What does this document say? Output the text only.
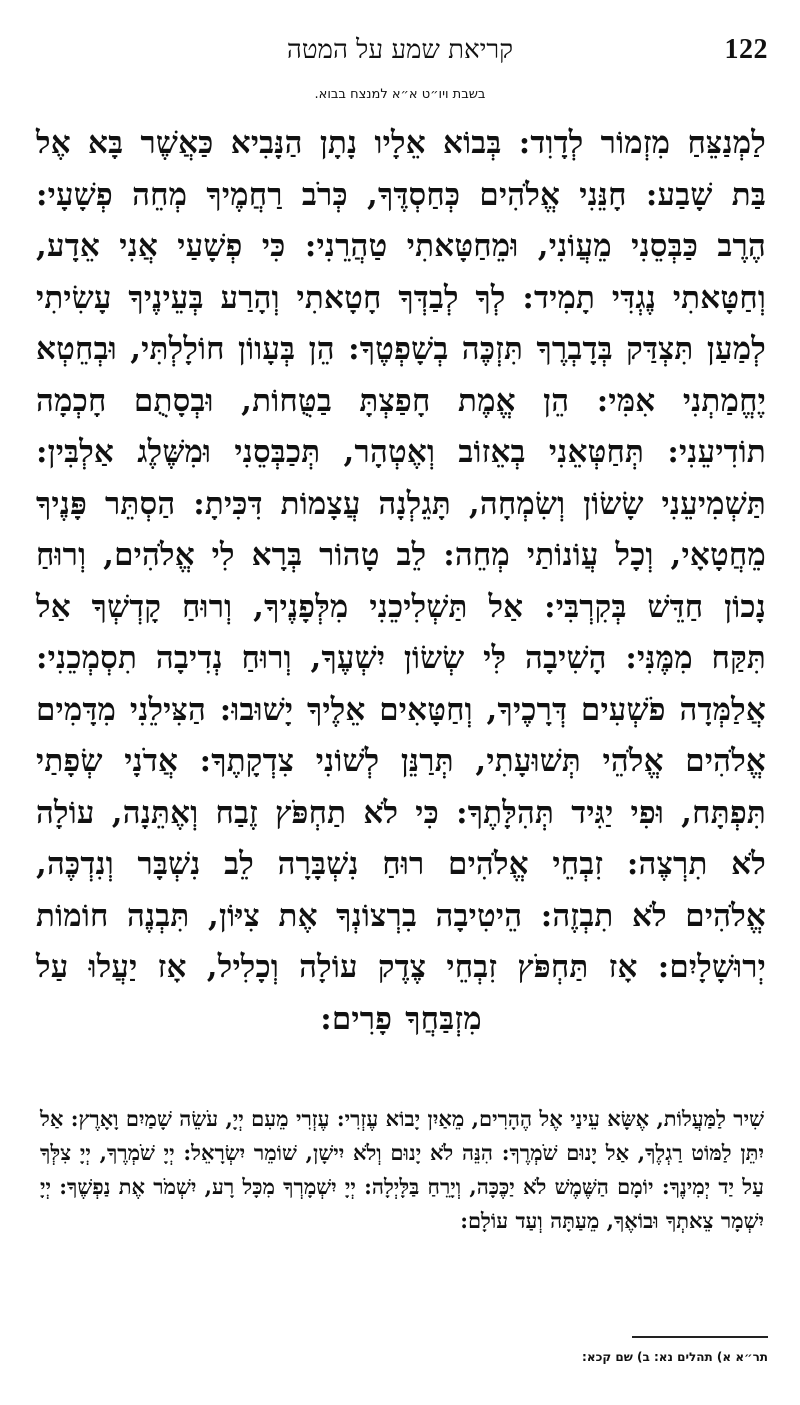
122
קריאת שמע על המטה
בשבת ויו״ט א״א למנצח בבוא.
לַמְנַצֵּחַ מִזְמוֹר לְדָוִד: בְּבוֹא אֵלָיו נָתָן הַנָּבִיא כַּאֲשֶׁר בָּא אֶל בַּת שָׁבַע: חָנֵּנִי אֱלֹהִים כְּחַסְדֶּךָ, כְּרֹב רַחֲמֶיךָ מְחֵה פְשָׁעָי: הֶרֶב כַּבְּסֵנִי מֵעֲוֹנִי, וּמֵחַטָּאתִי טַהֲרֵנִי: כִּי פְשָׁעַי אֲנִי אֵדָע, וְחַטָּאתִי נֶגְדִּי תָמִיד: לְךָ לְבַדְּךָ חָטָאתִי וְהָרַע בְּעֵינֶיךָ עָשִׂיתִי לְמַעַן תִּצְדַּק בְּדָבְרֶךָ תִּזְכֶּה בְשָׁפְטֶךָ: הֵן בְּעָווֹן חוֹלָלְתִּי, וּבְחֵטְא יֶחֱמַתְנִי אִמִּי: הֵן אֱמֶת חָפַצְתָּ בַטֻּחוֹת, וּבְסָתֻם חָכְמָה תוֹדִיעֵנִי: תְּחַטְּאֵנִי בְאֵזוֹב וְאֶטְהָר, תְּכַבְּסֵנִי וּמִשֶּׁלֶג אַלְבִּין: תַּשְׁמִיעֵנִי שָׂשׂוֹן וְשִׂמְחָה, תָּגֵלְנָה עֲצָמוֹת דִּכִּיתָ: הַסְתֵּר פָּנֶיךָ מֵחֲטָאָי, וְכָל עֲוֹנוֹתַי מְחֵה: לֵב טָהוֹר בְּרָא לִי אֱלֹהִים, וְרוּחַ נָכוֹן חַדֵּשׁ בְּקִרְבִּי: אַל תַּשְׁלִיכֵנִי מִלְּפָנֶיךָ, וְרוּחַ קָדְשְׁךָ אַל תִּקַּח מִמֶּנִּי: הָשִׁיבָה לִּי שְׂשׂוֹן יִשְׁעֶךָ, וְרוּחַ נְדִיבָה תִסְמְכֵנִי: אֲלַמְּדָה פֹשְׁעִים דְּרָכֶיךָ, וְחַטָּאִים אֵלֶיךָ יָשׁוּבוּ: הַצִּילֵנִי מִדָּמִים אֱלֹהִים אֱלֹהֵי תְּשׁוּעָתִי, תְּרַנֵּן לְשׁוֹנִי צִדְקָתֶךָ: אֲדֹנָי שְׂפָתַי תִּפְתָּח, וּפִי יַגִּיד תְּהִלָּתֶךָ: כִּי לֹא תַחְפֹּץ זֶבַח וְאֶתֵּנָה, עוֹלָה לֹא תִרְצֶה: זִבְחֵי אֱלֹהִים רוּחַ נִשְׁבָּרָה לֵב נִשְׁבָּר וְנִדְכֶּה, אֱלֹהִים לֹא תִבְזֶה: הֵיטִיבָה בִרְצוֹנְךָ אֶת צִיּוֹן, תִּבְנֶה חוֹמוֹת יְרוּשָׁלָיִם: אָז תַּחְפֹּץ זִבְחֵי צֶדֶק עוֹלָה וְכָלִיל, אָז יַעֲלוּ עַל מִזְבַּחֲךָ פָרִים:
שִׁיר לַמַּעֲלוֹת, אֶשָּׂא עֵינַי אֶל הֶהָרִים, מֵאַיִן יָבוֹא עֶזְרִי: עֶזְרִי מֵעִם יְיָ, עֹשֵׂה שָׁמַיִם וָאָרֶץ: אַל יִתֵּן לַמּוֹט רַגְלֶךָ, אַל יָנוּם שֹׁמְרֶךָ: הִנֵּה לֹא יָנוּם וְלֹא יִישָׁן, שׁוֹמֵר יִשְׂרָאֵל: יְיָ שֹׁמְרֶךָ, יְיָ צִלְּךָ עַל יַד יְמִינֶךָ: יוֹמָם הַשֶּׁמֶשׁ לֹא יַכֶּכָּה, וְיָרֵחַ בַּלָּיְלָה: יְיָ יִשְׁמָרְךָ מִכָּל רָע, יִשְׁמֹר אֶת נַפְשֶׁךָ: יְיָ יִשְׁמָר צֵאתְךָ וּבוֹאֶךָ, מֵעַתָּה וְעַד עוֹלָם:
תר״א א) תהלים נא: ב) שם קכא:
